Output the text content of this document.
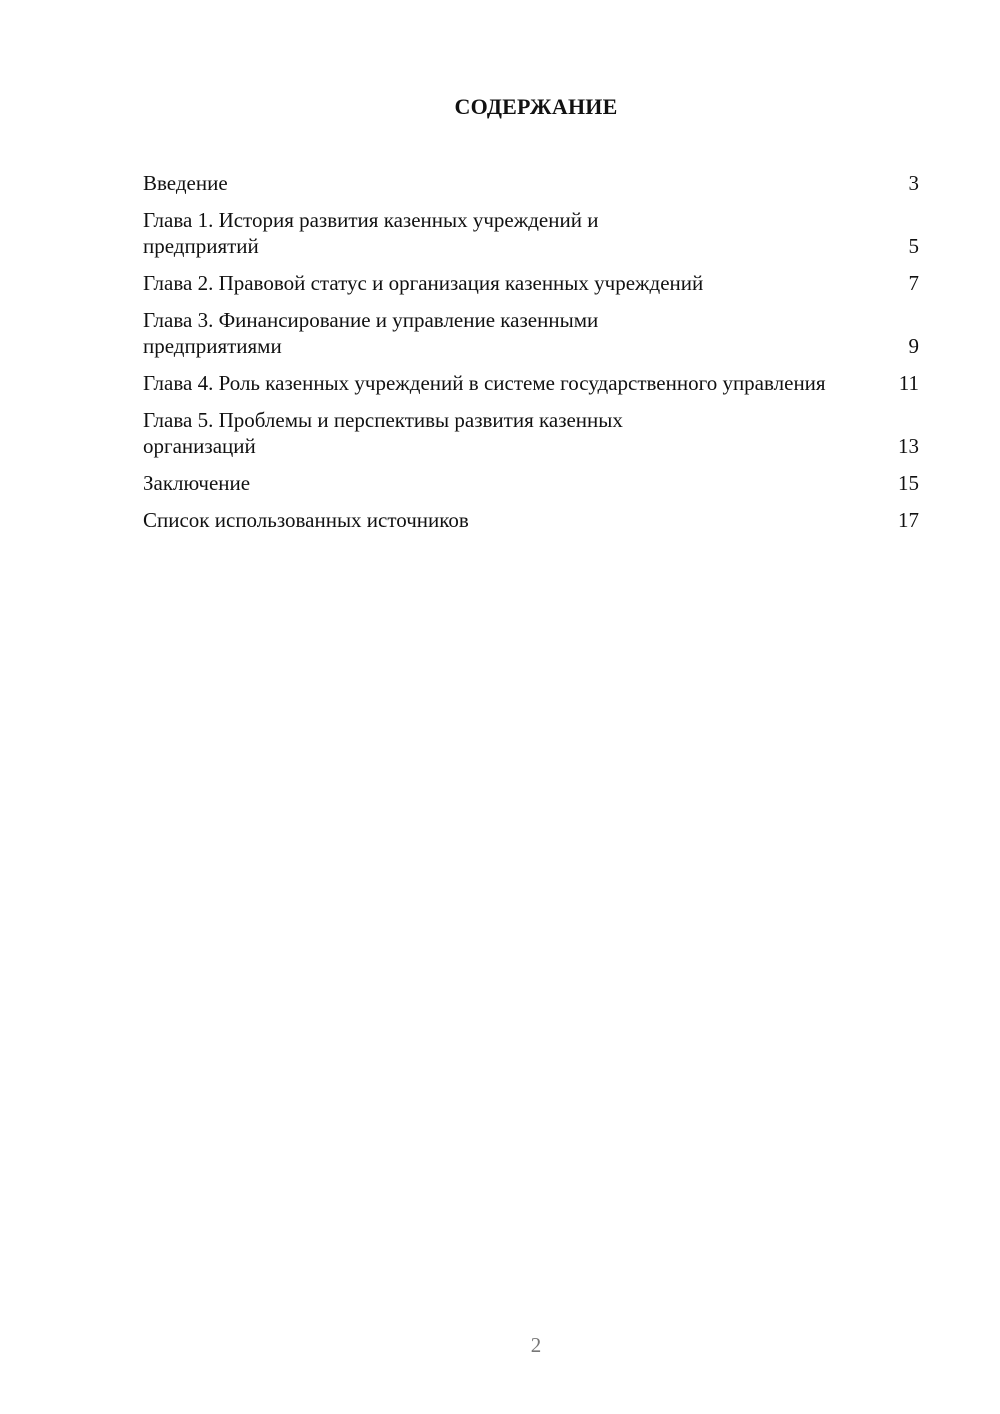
СОДЕРЖАНИЕ
Введение	3
Глава 1. История развития казенных учреждений и предприятий	5
Глава 2. Правовой статус и организация казенных учреждений	7
Глава 3. Финансирование и управление казенными предприятиями	9
Глава 4. Роль казенных учреждений в системе государственного управления	11
Глава 5. Проблемы и перспективы развития казенных организаций	13
Заключение	15
Список использованных источников	17
2
